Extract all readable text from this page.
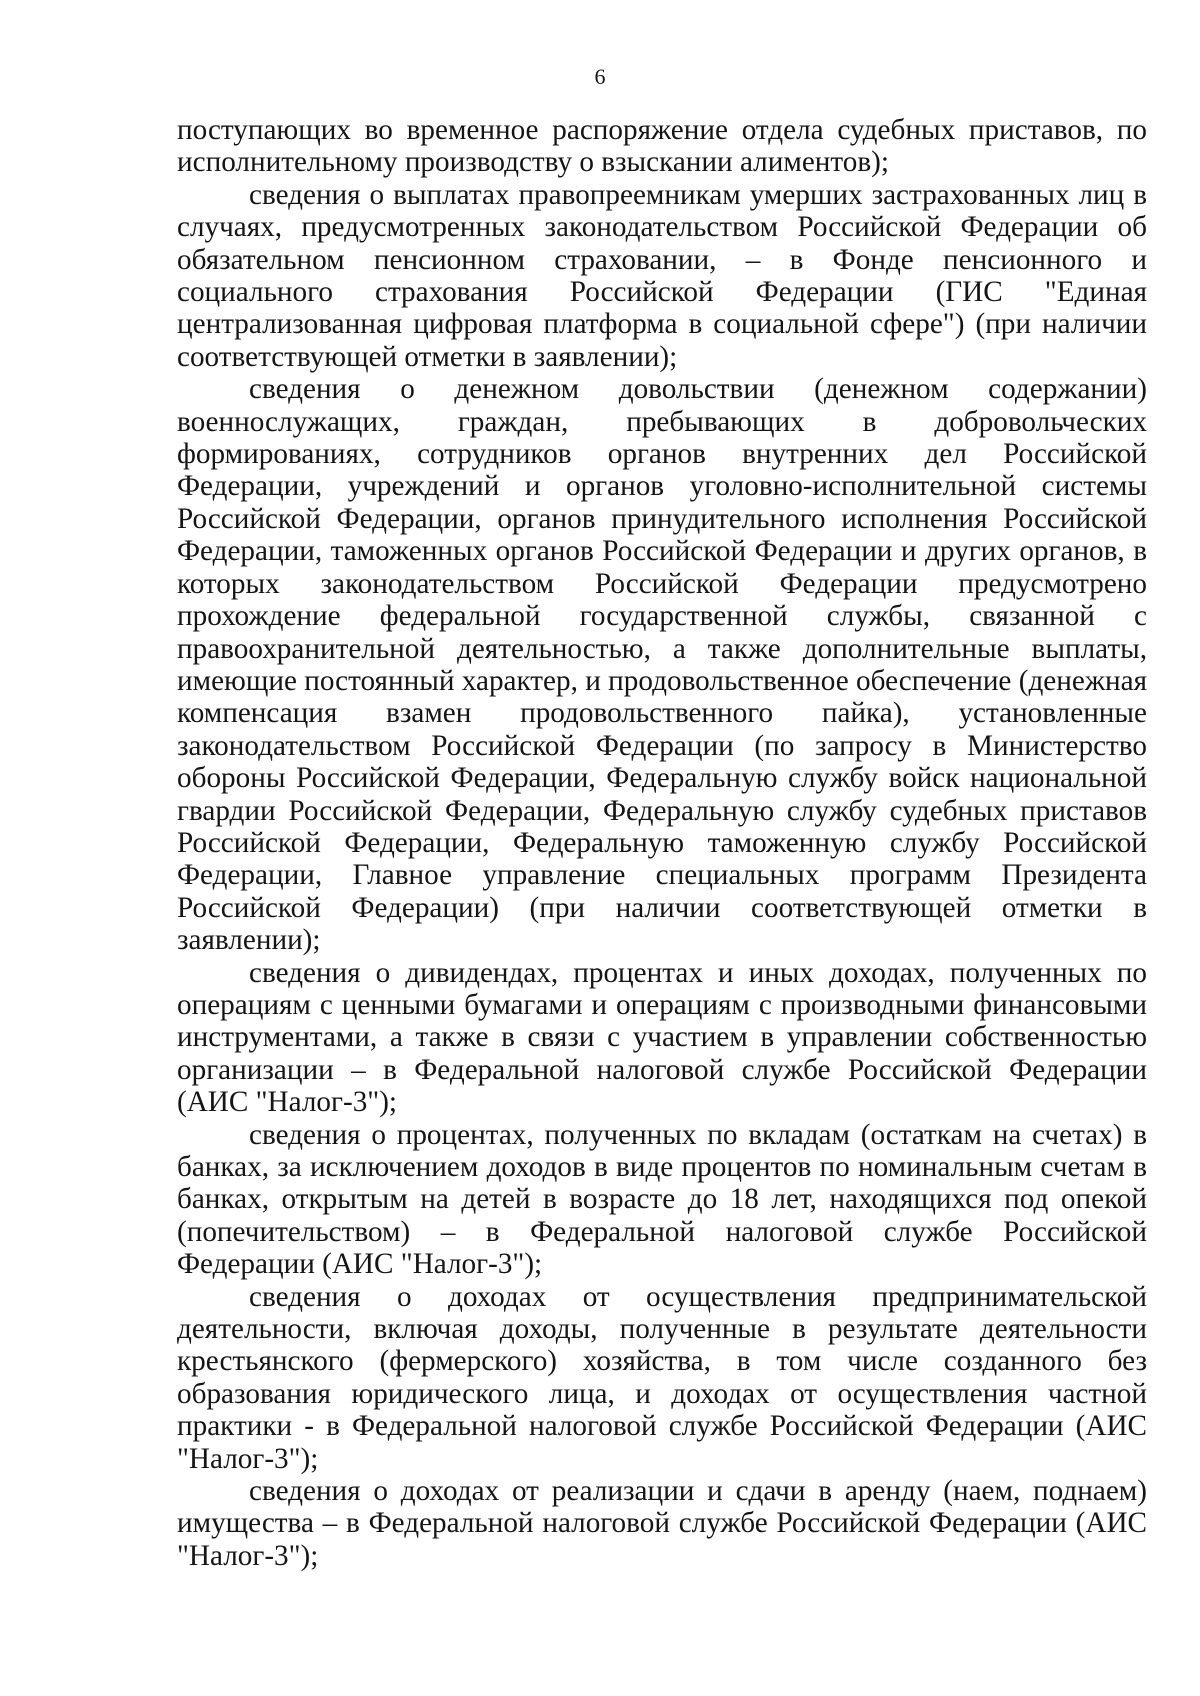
6

поступающих во временное распоряжение отдела судебных приставов, по исполнительному производству о взыскании алиментов);

сведения о выплатах правопреемникам умерших застрахованных лиц в случаях, предусмотренных законодательством Российской Федерации об обязательном пенсионном страховании, – в Фонде пенсионного и социального страхования Российской Федерации (ГИС "Единая централизованная цифровая платформа в социальной сфере") (при наличии соответствующей отметки в заявлении);

сведения о денежном довольствии (денежном содержании) военнослужащих, граждан, пребывающих в добровольческих формированиях, сотрудников органов внутренних дел Российской Федерации, учреждений и органов уголовно-исполнительной системы Российской Федерации, органов принудительного исполнения Российской Федерации, таможенных органов Российской Федерации и других органов, в которых законодательством Российской Федерации предусмотрено прохождение федеральной государственной службы, связанной с правоохранительной деятельностью, а также дополнительные выплаты, имеющие постоянный характер, и продовольственное обеспечение (денежная компенсация взамен продовольственного пайка), установленные законодательством Российской Федерации (по запросу в Министерство обороны Российской Федерации, Федеральную службу войск национальной гвардии Российской Федерации, Федеральную службу судебных приставов Российской Федерации, Федеральную таможенную службу Российской Федерации, Главное управление специальных программ Президента Российской Федерации) (при наличии соответствующей отметки в заявлении);

сведения о дивидендах, процентах и иных доходах, полученных по операциям с ценными бумагами и операциям с производными финансовыми инструментами, а также в связи с участием в управлении собственностью организации – в Федеральной налоговой службе Российской Федерации (АИС "Налог-3");

сведения о процентах, полученных по вкладам (остаткам на счетах) в банках, за исключением доходов в виде процентов по номинальным счетам в банках, открытым на детей в возрасте до 18 лет, находящихся под опекой (попечительством) – в Федеральной налоговой службе Российской Федерации (АИС "Налог-3");

сведения о доходах от осуществления предпринимательской деятельности, включая доходы, полученные в результате деятельности крестьянского (фермерского) хозяйства, в том числе созданного без образования юридического лица, и доходах от осуществления частной практики - в Федеральной налоговой службе Российской Федерации (АИС "Налог-3");

сведения о доходах от реализации и сдачи в аренду (наем, поднаем) имущества – в Федеральной налоговой службе Российской Федерации (АИС "Налог-3");
